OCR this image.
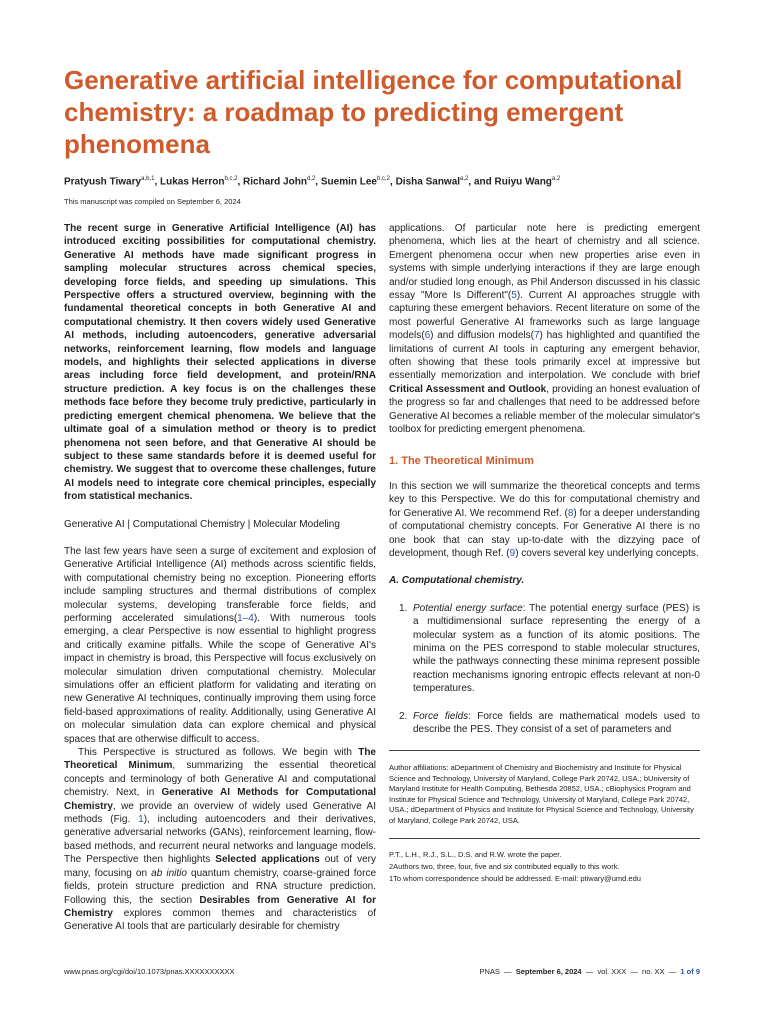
Generative artificial intelligence for computational chemistry: a roadmap to predicting emergent phenomena
Pratyush Tiwary$^{a,b,1}$, Lukas Herron$^{b,c,2}$, Richard John$^{d,2}$, Suemin Lee$^{b,c,2}$, Disha Sanwal$^{a,2}$, and Ruiyu Wang$^{a,2}$
This manuscript was compiled on September 6, 2024

The recent surge in Generative Artificial Intelligence (AI) has introduced exciting possibilities for computational chemistry. Generative AI methods have made significant progress in sampling molecular structures across chemical species, developing force fields, and speeding up simulations. This Perspective offers a structured overview, beginning with the fundamental theoretical concepts in both Generative AI and computational chemistry. It then covers widely used Generative AI methods, including autoencoders, generative adversarial networks, reinforcement learning, flow models and language models, and highlights their selected applications in diverse areas including force field development, and protein/RNA structure prediction. A key focus is on the challenges these methods face before they become truly predictive, particularly in predicting emergent chemical phenomena. We believe that the ultimate goal of a simulation method or theory is to predict phenomena not seen before, and that Generative AI should be subject to these same standards before it is deemed useful for chemistry. We suggest that to overcome these challenges, future AI models need to integrate core chemical principles, especially from statistical mechanics.

Generative AI | Computational Chemistry | Molecular Modeling

The last few years have seen a surge of excitement and explosion of Generative Artificial Intelligence (AI) methods across scientific fields, with computational chemistry being no exception. Pioneering efforts include sampling structures and thermal distributions of complex molecular systems, developing transferable force fields, and performing accelerated simulations(1–4). With numerous tools emerging, a clear Perspective is now essential to highlight progress and critically examine pitfalls. While the scope of Generative AI's impact in chemistry is broad, this Perspective will focus exclusively on molecular simulation driven computational chemistry. Molecular simulations offer an efficient platform for validating and iterating on new Generative AI techniques, continually improving them using force field-based approximations of reality. Additionally, using Generative AI on molecular simulation data can explore chemical and physical spaces that are otherwise difficult to access.

This Perspective is structured as follows. We begin with The Theoretical Minimum, summarizing the essential theoretical concepts and terminology of both Generative AI and computational chemistry. Next, in Generative AI Methods for Computational Chemistry, we provide an overview of widely used Generative AI methods (Fig. 1), including autoencoders and their derivatives, generative adversarial networks (GANs), reinforcement learning, flow-based methods, and recurrent neural networks and language models. The Perspective then highlights Selected applications out of very many, focusing on ab initio quantum chemistry, coarse-grained force fields, protein structure prediction and RNA structure prediction. Following this, the section Desirables from Generative AI for Chemistry explores common themes and characteristics of Generative AI tools that are particularly desirable for chemistry

applications. Of particular note here is predicting emergent phenomena, which lies at the heart of chemistry and all science. Emergent phenomena occur when new properties arise even in systems with simple underlying interactions if they are large enough and/or studied long enough, as Phil Anderson discussed in his classic essay "More Is Different"(5). Current AI approaches struggle with capturing these emergent behaviors. Recent literature on some of the most powerful Generative AI frameworks such as large language models(6) and diffusion models(7) has highlighted and quantified the limitations of current AI tools in capturing any emergent behavior, often showing that these tools primarily excel at impressive but essentially memorization and interpolation. We conclude with brief Critical Assessment and Outlook, providing an honest evaluation of the progress so far and challenges that need to be addressed before Generative AI becomes a reliable member of the molecular simulator's toolbox for predicting emergent phenomena.

1. The Theoretical Minimum

In this section we will summarize the theoretical concepts and terms key to this Perspective. We do this for computational chemistry and for Generative AI. We recommend Ref. (8) for a deeper understanding of computational chemistry concepts. For Generative AI there is no one book that can stay up-to-date with the dizzying pace of development, though Ref. (9) covers several key underlying concepts.

A. Computational chemistry.
1. Potential energy surface: The potential energy surface (PES) is a multidimensional surface representing the energy of a molecular system as a function of its atomic positions. The minima on the PES correspond to stable molecular structures, while the pathways connecting these minima represent possible reaction mechanisms ignoring entropic effects relevant at non-0 temperatures.
2. Force fields: Force fields are mathematical models used to describe the PES. They consist of a set of parameters and

Author affiliations: aDepartment of Chemistry and Biochemistry and Institute for Physical Science and Technology, University of Maryland, College Park 20742, USA.; bUniversity of Maryland Institute for Health Computing, Bethesda 20852, USA.; cBiophysics Program and Institute for Physical Science and Technology, University of Maryland, College Park 20742, USA.; dDepartment of Physics and Institute for Physical Science and Technology, University of Maryland, College Park 20742, USA.

P.T., L.H., R.J., S.L., D.S. and R.W. wrote the paper.
2Authors two, three, four, five and six contributed equally to this work.
1To whom correspondence should be addressed. E-mail: ptiwary@umd.edu
www.pnas.org/cgi/doi/10.1073/pnas.XXXXXXXXXX	PNAS  —  September 6, 2024  —  vol. XXX  —  no. XX  —  1 of 9
